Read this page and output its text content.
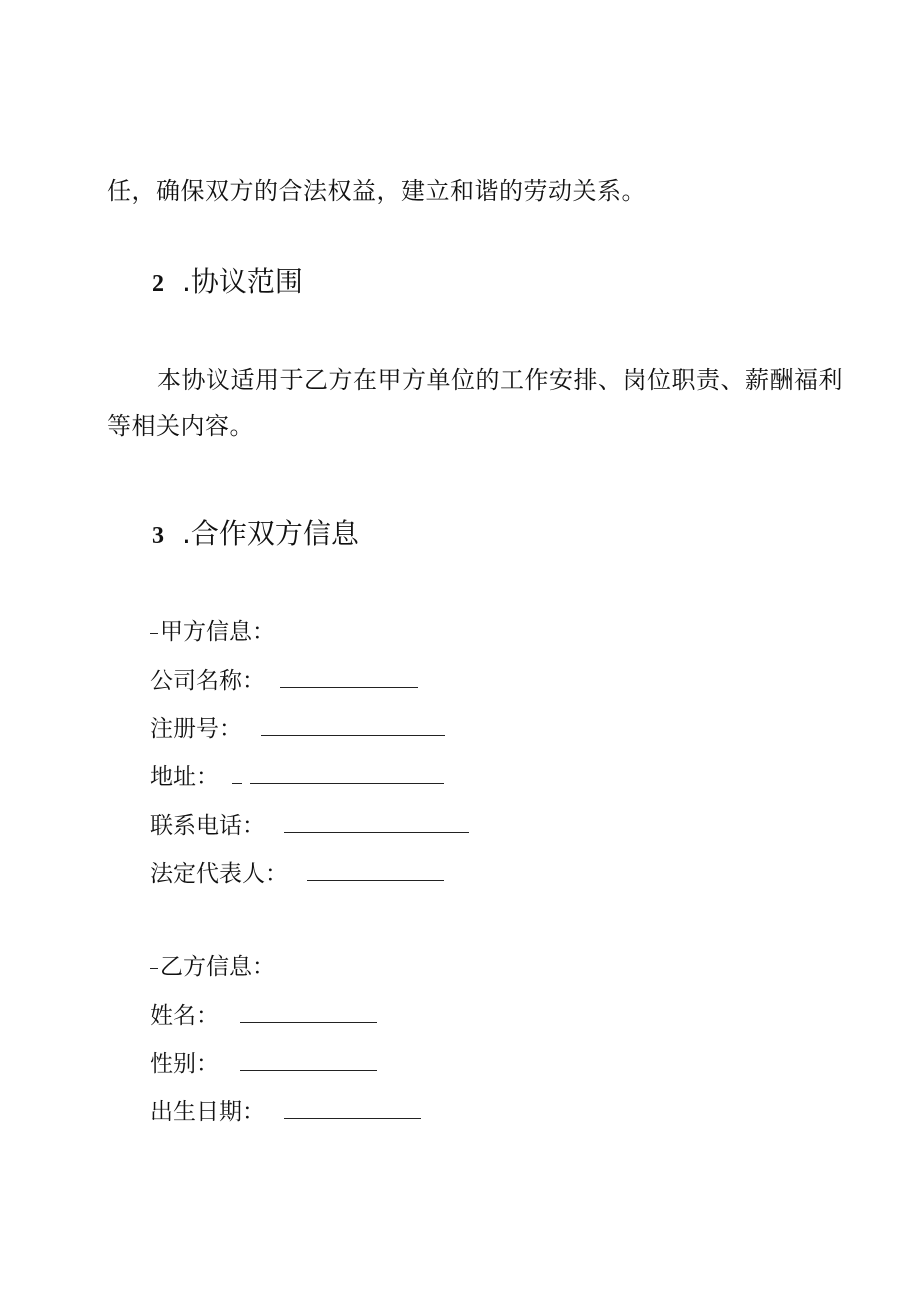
任，确保双方的合法权益，建立和谐的劳动关系。
2 .协议范围
本协议适用于乙方在甲方单位的工作安排、岗位职责、薪酬福利
等相关内容。
3 .合作双方信息
甲方信息：
公司名称：
注册号：
地址：
联系电话：
法定代表人：
乙方信息：
姓名：
性别：
出生日期：
